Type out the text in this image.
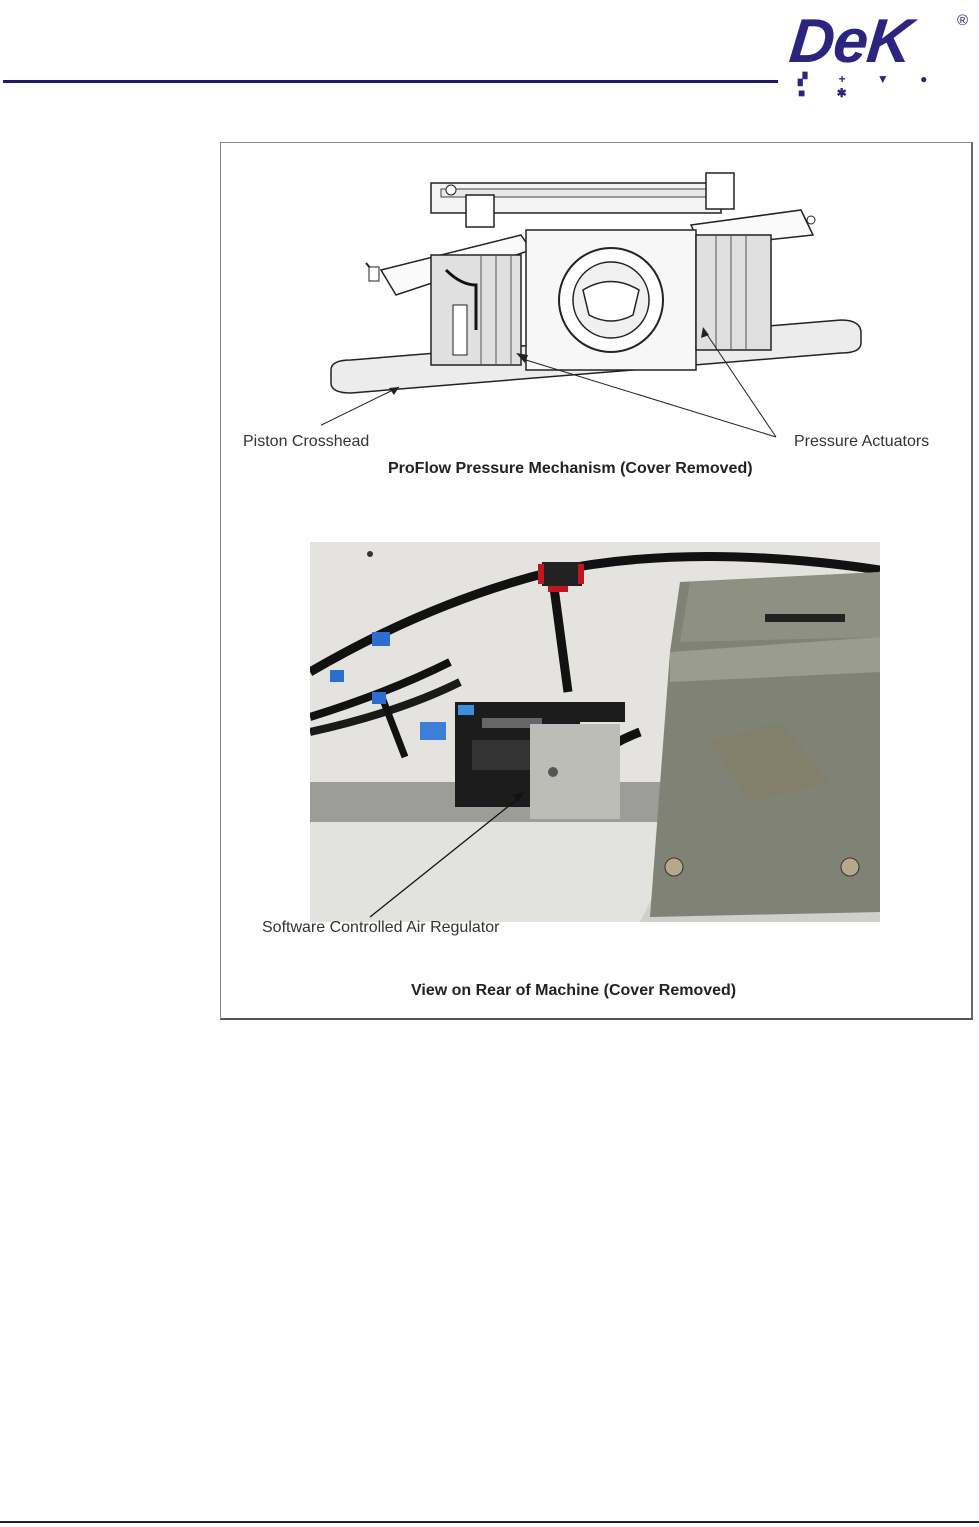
DeK	®
▞ + ▼ ● ■ ✱
Piston Crosshead	Pressure Actuators
ProFlow Pressure Mechanism (Cover Removed)
Software Controlled Air Regulator
View on Rear of Machine (Cover Removed)
